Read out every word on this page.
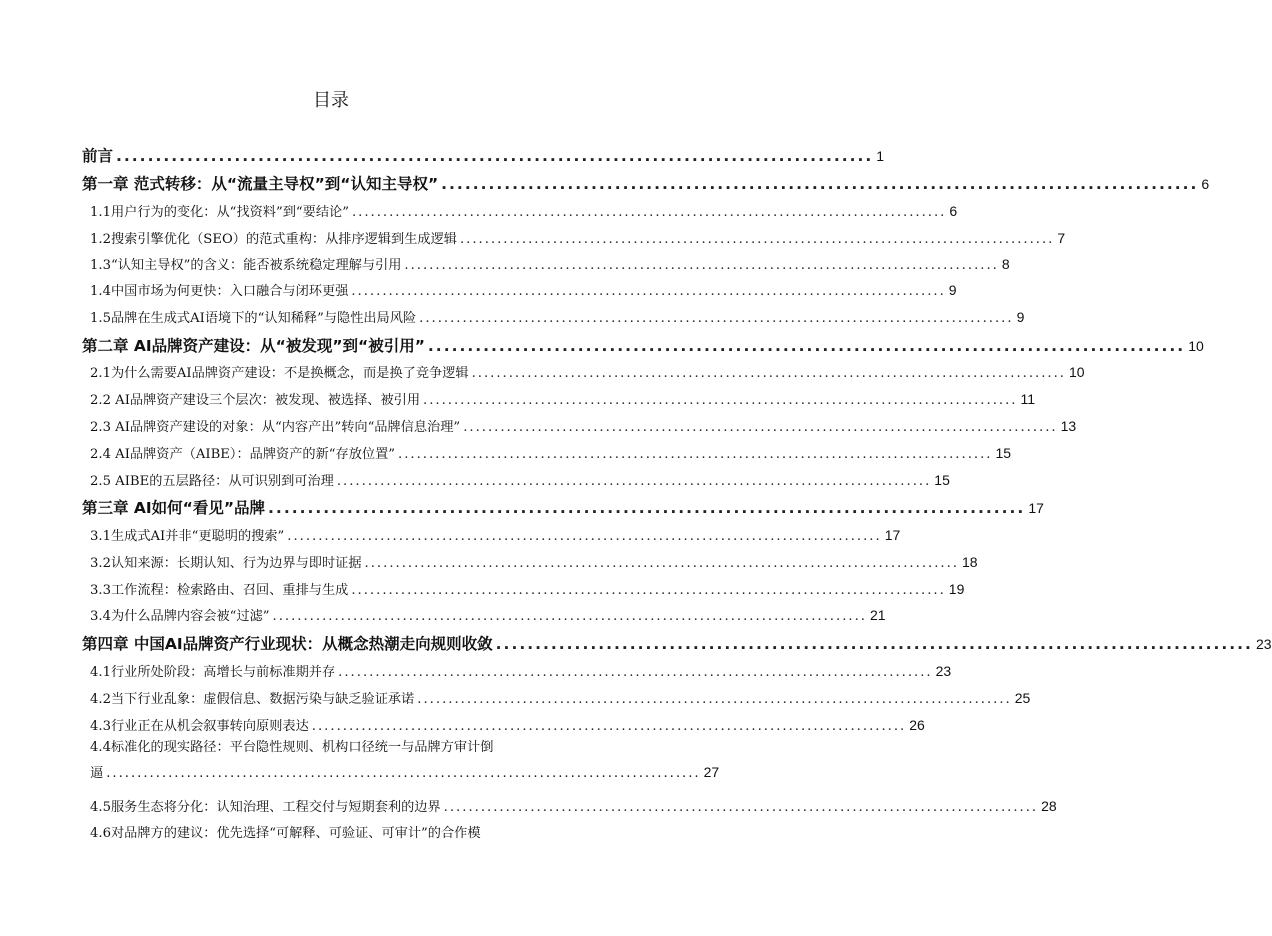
目录
前言 ................................................................................................ 1
第一章 范式转移：从“流量主导权”到“认知主导权” ................................................................................................ 6
1.1用户行为的变化：从“找资料”到“要结论” ................................................................................................ 6
1.2搜索引擎优化（SEO）的范式重构：从排序逻辑到生成逻辑 ................................................................................................ 7
1.3“认知主导权”的含义：能否被系统稳定理解与引用 ................................................................................................ 8
1.4中国市场为何更快：入口融合与闭环更强 ................................................................................................ 9
1.5品牌在生成式AI语境下的“认知稀释”与隐性出局风险 ................................................................................................ 9
第二章 AI品牌资产建设：从“被发现”到“被引用” ................................................................................................ 10
2.1为什么需要AI品牌资产建设：不是换概念，而是换了竞争逻辑 ................................................................................................ 10
2.2 AI品牌资产建设三个层次：被发现、被选择、被引用 ................................................................................................ 11
2.3 AI品牌资产建设的对象：从“内容产出”转向“品牌信息治理” ................................................................................................ 13
2.4 AI品牌资产（AIBE）：品牌资产的新“存放位置” ................................................................................................ 15
2.5 AIBE的五层路径：从可识别到可治理 ................................................................................................ 15
第三章 AI如何“看见”品牌 ................................................................................................ 17
3.1生成式AI并非“更聪明的搜索” ................................................................................................ 17
3.2认知来源：长期认知、行为边界与即时证据 ................................................................................................ 18
3.3工作流程：检索路由、召回、重排与生成 ................................................................................................ 19
3.4为什么品牌内容会被“过滤” ................................................................................................ 21
第四章 中国AI品牌资产行业现状：从概念热潮走向规则收敛 ................................................................................................ 23
4.1行业所处阶段：高增长与前标准期并存 ................................................................................................ 23
4.2当下行业乱象：虚假信息、数据污染与缺乏验证承诺 ................................................................................................ 25
4.3行业正在从机会叙事转向原则表达 ................................................................................................ 26
4.4标准化的现实路径：平台隐性规则、机构口径统一与品牌方审计倒
逼 ................................................................................................ 27
4.5服务生态将分化：认知治理、工程交付与短期套利的边界 ................................................................................................ 28
4.6对品牌方的建议：优先选择“可解释、可验证、可审计”的合作模
